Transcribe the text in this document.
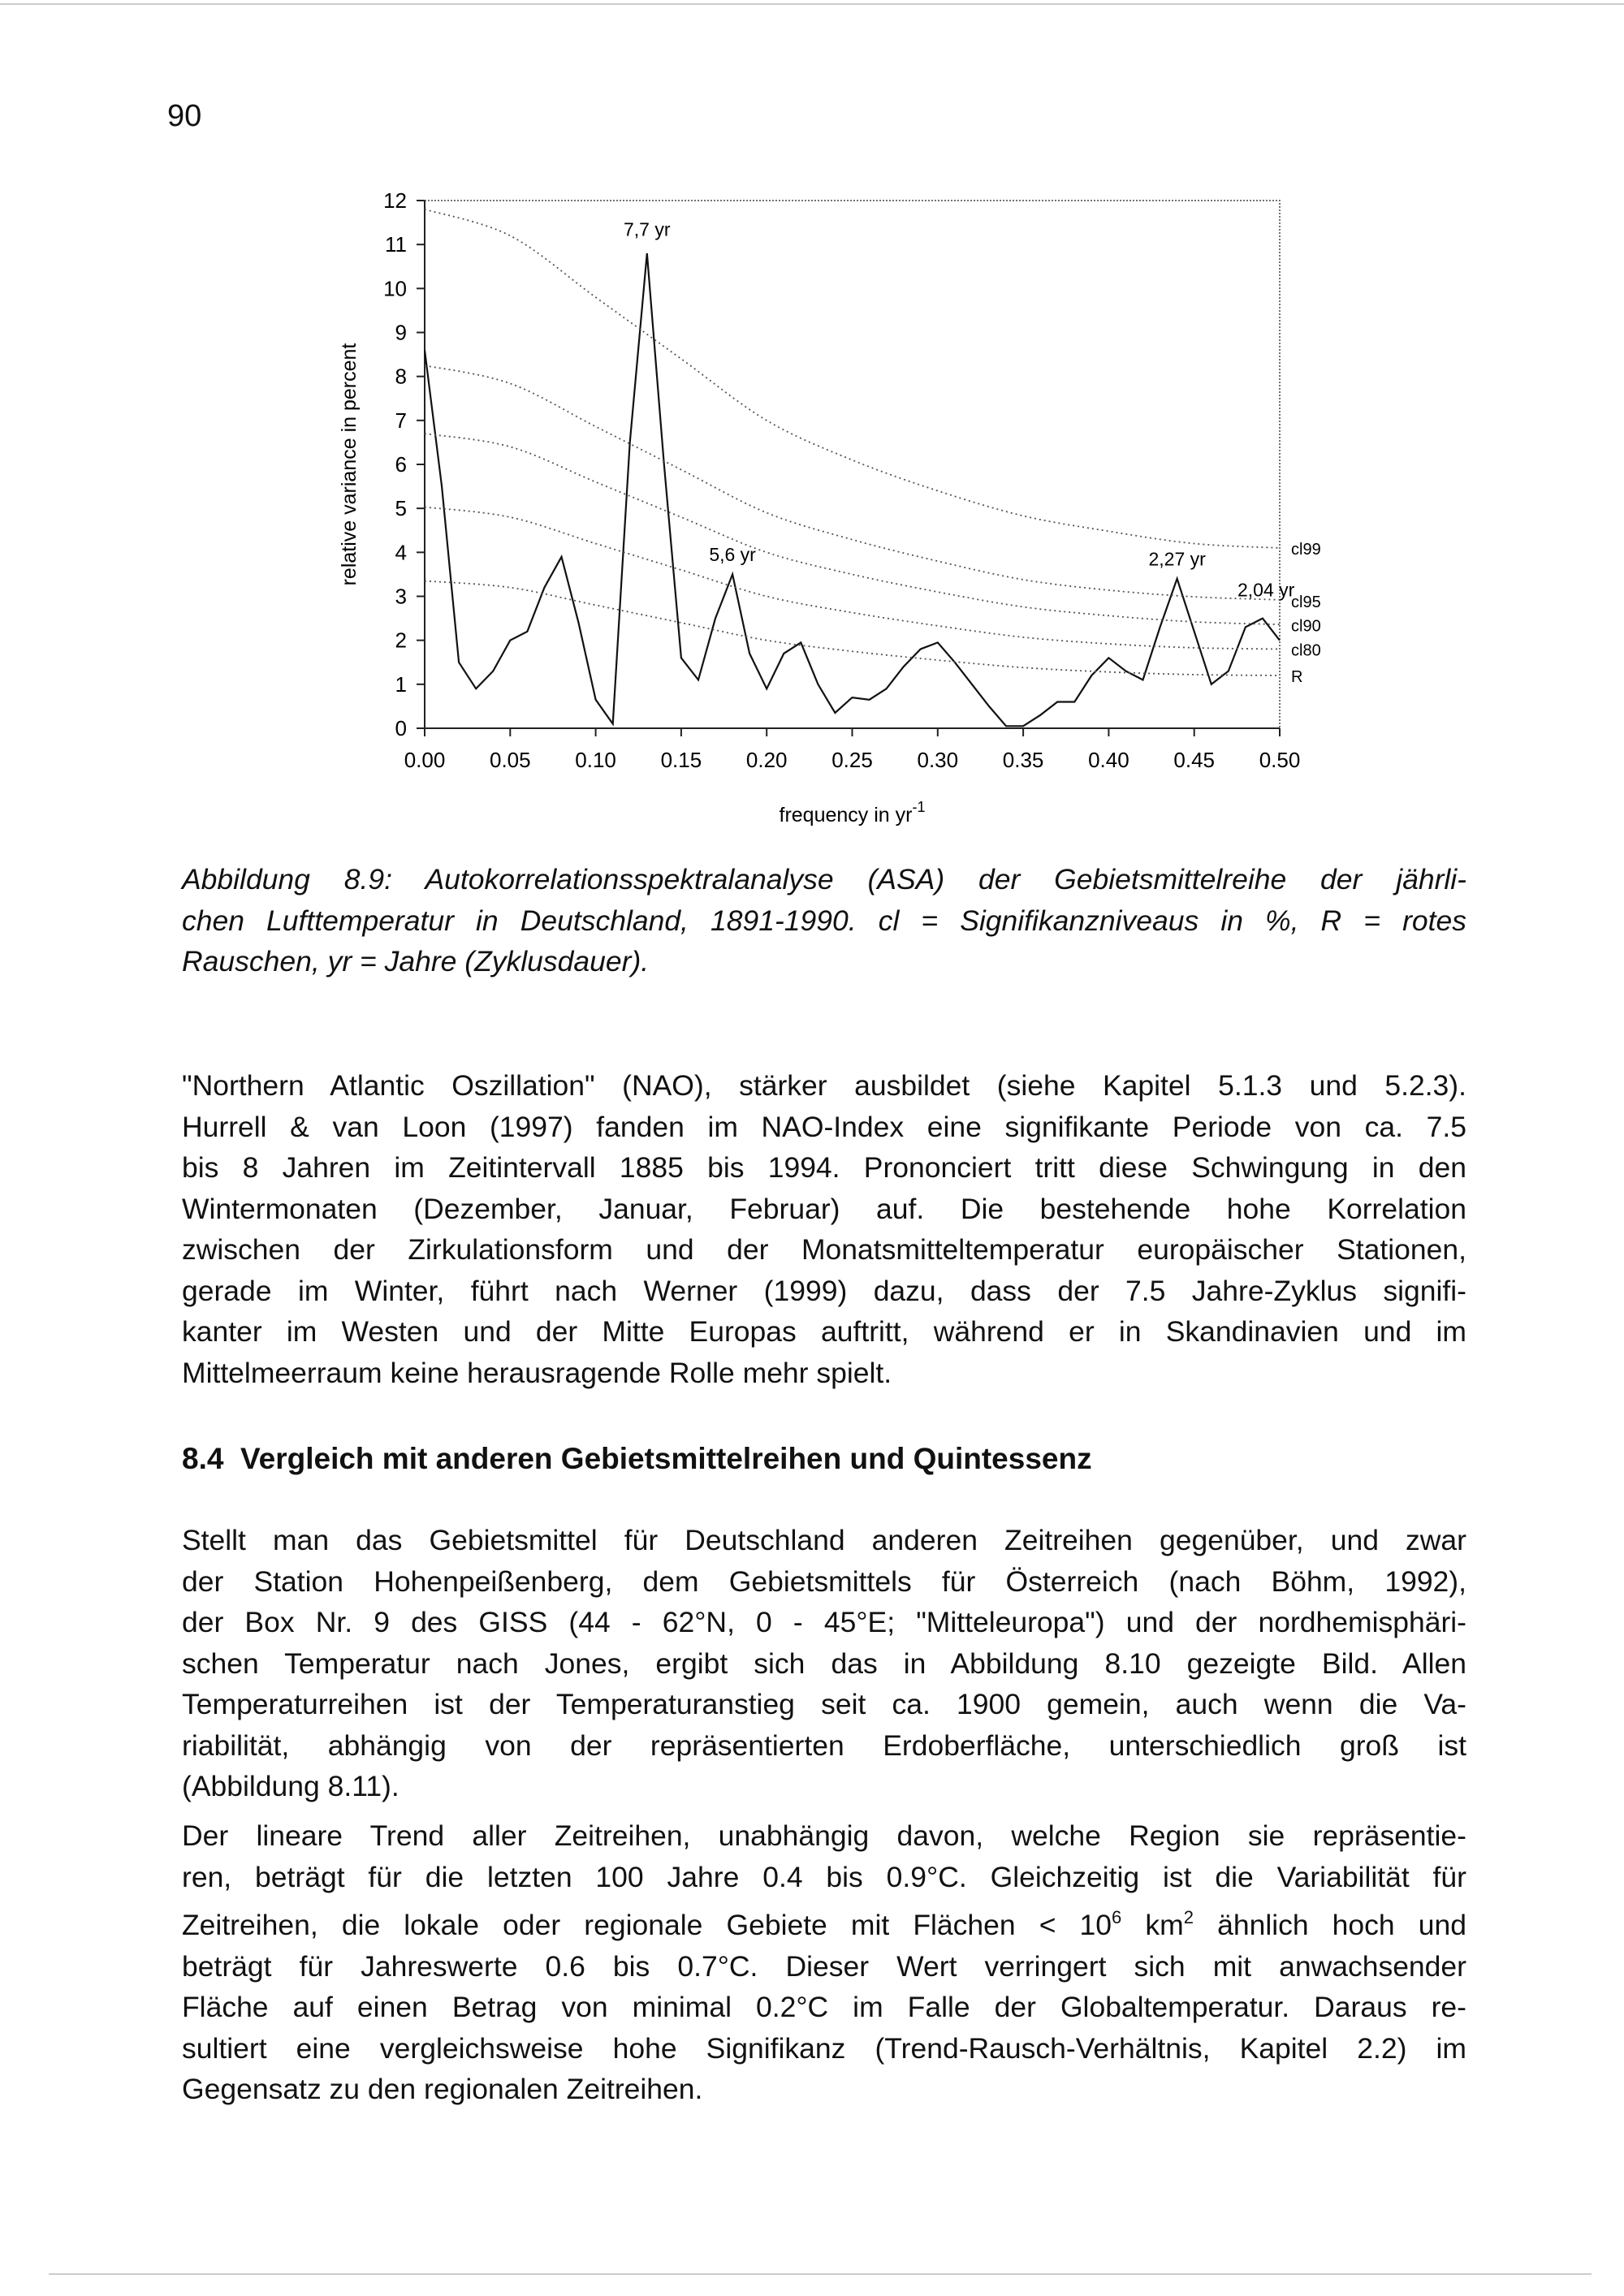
90
0
1
2
3
4
5
6
7
8
9
10
11
12
0.00 0.05 0.10 0.15 0.20 0.25 0.30 0.35 0.40 0.45 0.50
frequency in $yr^{-1}$
relative variance in percent
7,7 yr
5,6 yr	2,27 yr
2,04 yr
cl99
cl95
cl90
cl80
R
Abbildung 8.9: Autokorrelationsspektralanalyse (ASA) der Gebietsmittelreihe der jährli-
chen Lufttemperatur in Deutschland, 1891-1990. cl = Signifikanzniveaus in %, R = rotes
Rauschen, yr = Jahre (Zyklusdauer).
"Northern Atlantic Oszillation" (NAO), stärker ausbildet (siehe Kapitel 5.1.3 und 5.2.3).
Hurrell & van Loon (1997) fanden im NAO-Index eine signifikante Periode von ca. 7.5
bis 8 Jahren im Zeitintervall 1885 bis 1994. Prononciert tritt diese Schwingung in den
Wintermonaten (Dezember, Januar, Februar) auf. Die bestehende hohe Korrelation
zwischen der Zirkulationsform und der Monatsmitteltemperatur europäischer Stationen,
gerade im Winter, führt nach Werner (1999) dazu, dass der 7.5 Jahre-Zyklus signifi-
kanter im Westen und der Mitte Europas auftritt, während er in Skandinavien und im
Mittelmeerraum keine herausragende Rolle mehr spielt.
8.4  Vergleich mit anderen Gebietsmittelreihen und Quintessenz
Stellt man das Gebietsmittel für Deutschland anderen Zeitreihen gegenüber, und zwar
der Station Hohenpeißenberg, dem Gebietsmittels für Österreich (nach Böhm, 1992),
der Box Nr. 9 des GISS (44 - 62°N, 0 - 45°E; "Mitteleuropa") und der nordhemisphäri-
schen Temperatur nach Jones, ergibt sich das in Abbildung 8.10 gezeigte Bild. Allen
Temperaturreihen ist der Temperaturanstieg seit ca. 1900 gemein, auch wenn die Va-
riabilität, abhängig von der repräsentierten Erdoberfläche, unterschiedlich groß ist
(Abbildung 8.11).
Der lineare Trend aller Zeitreihen, unabhängig davon, welche Region sie repräsentie-
ren, beträgt für die letzten 100 Jahre 0.4 bis 0.9°C. Gleichzeitig ist die Variabilität für
Zeitreihen, die lokale oder regionale Gebiete mit Flächen < $10^6$ $km^2$ ähnlich hoch und
beträgt für Jahreswerte 0.6 bis 0.7°C. Dieser Wert verringert sich mit anwachsender
Fläche auf einen Betrag von minimal 0.2°C im Falle der Globaltemperatur. Daraus re-
sultiert eine vergleichsweise hohe Signifikanz (Trend-Rausch-Verhältnis, Kapitel 2.2) im
Gegensatz zu den regionalen Zeitreihen.
